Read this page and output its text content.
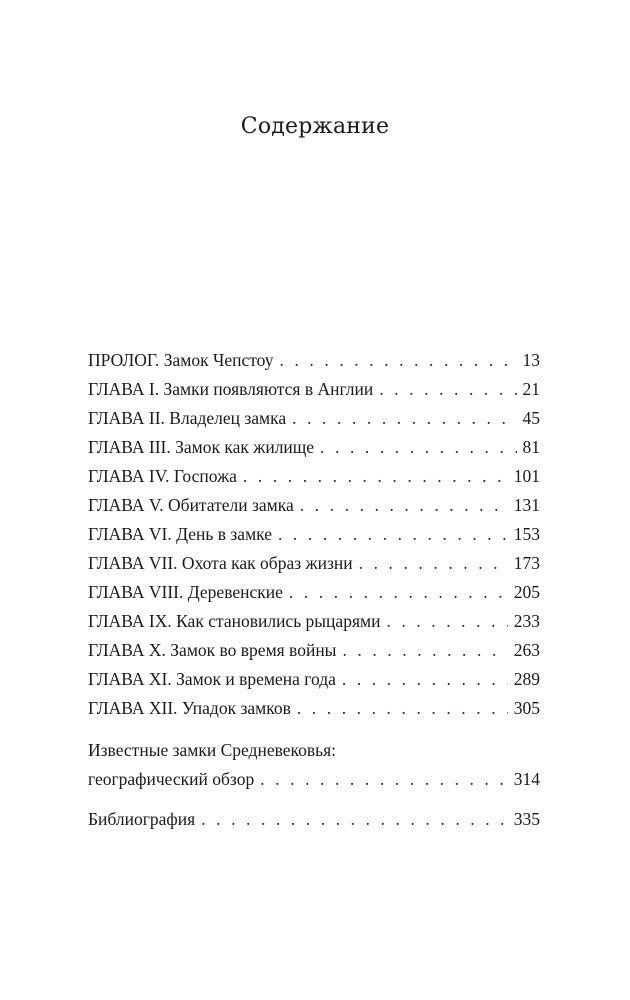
Содержание
ПРОЛОГ. Замок Чепстоу . . .	13
ГЛАВА I. Замки появляются в Англии . . .	21
ГЛАВА II. Владелец замка . . .	45
ГЛАВА III. Замок как жилище . . .	81
ГЛАВА IV. Госпожа . . .	101
ГЛАВА V. Обитатели замка . . .	131
ГЛАВА VI. День в замке . . .	153
ГЛАВА VII. Охота как образ жизни . . .	173
ГЛАВА VIII. Деревенские . . .	205
ГЛАВА IX. Как становились рыцарями . . .	233
ГЛАВА X. Замок во время войны . . .	263
ГЛАВА XI. Замок и времена года . . .	289
ГЛАВА XII. Упадок замков . . .	305
Известные замки Средневековья:
географический обзор . . .	314
Библиография . . .	335
